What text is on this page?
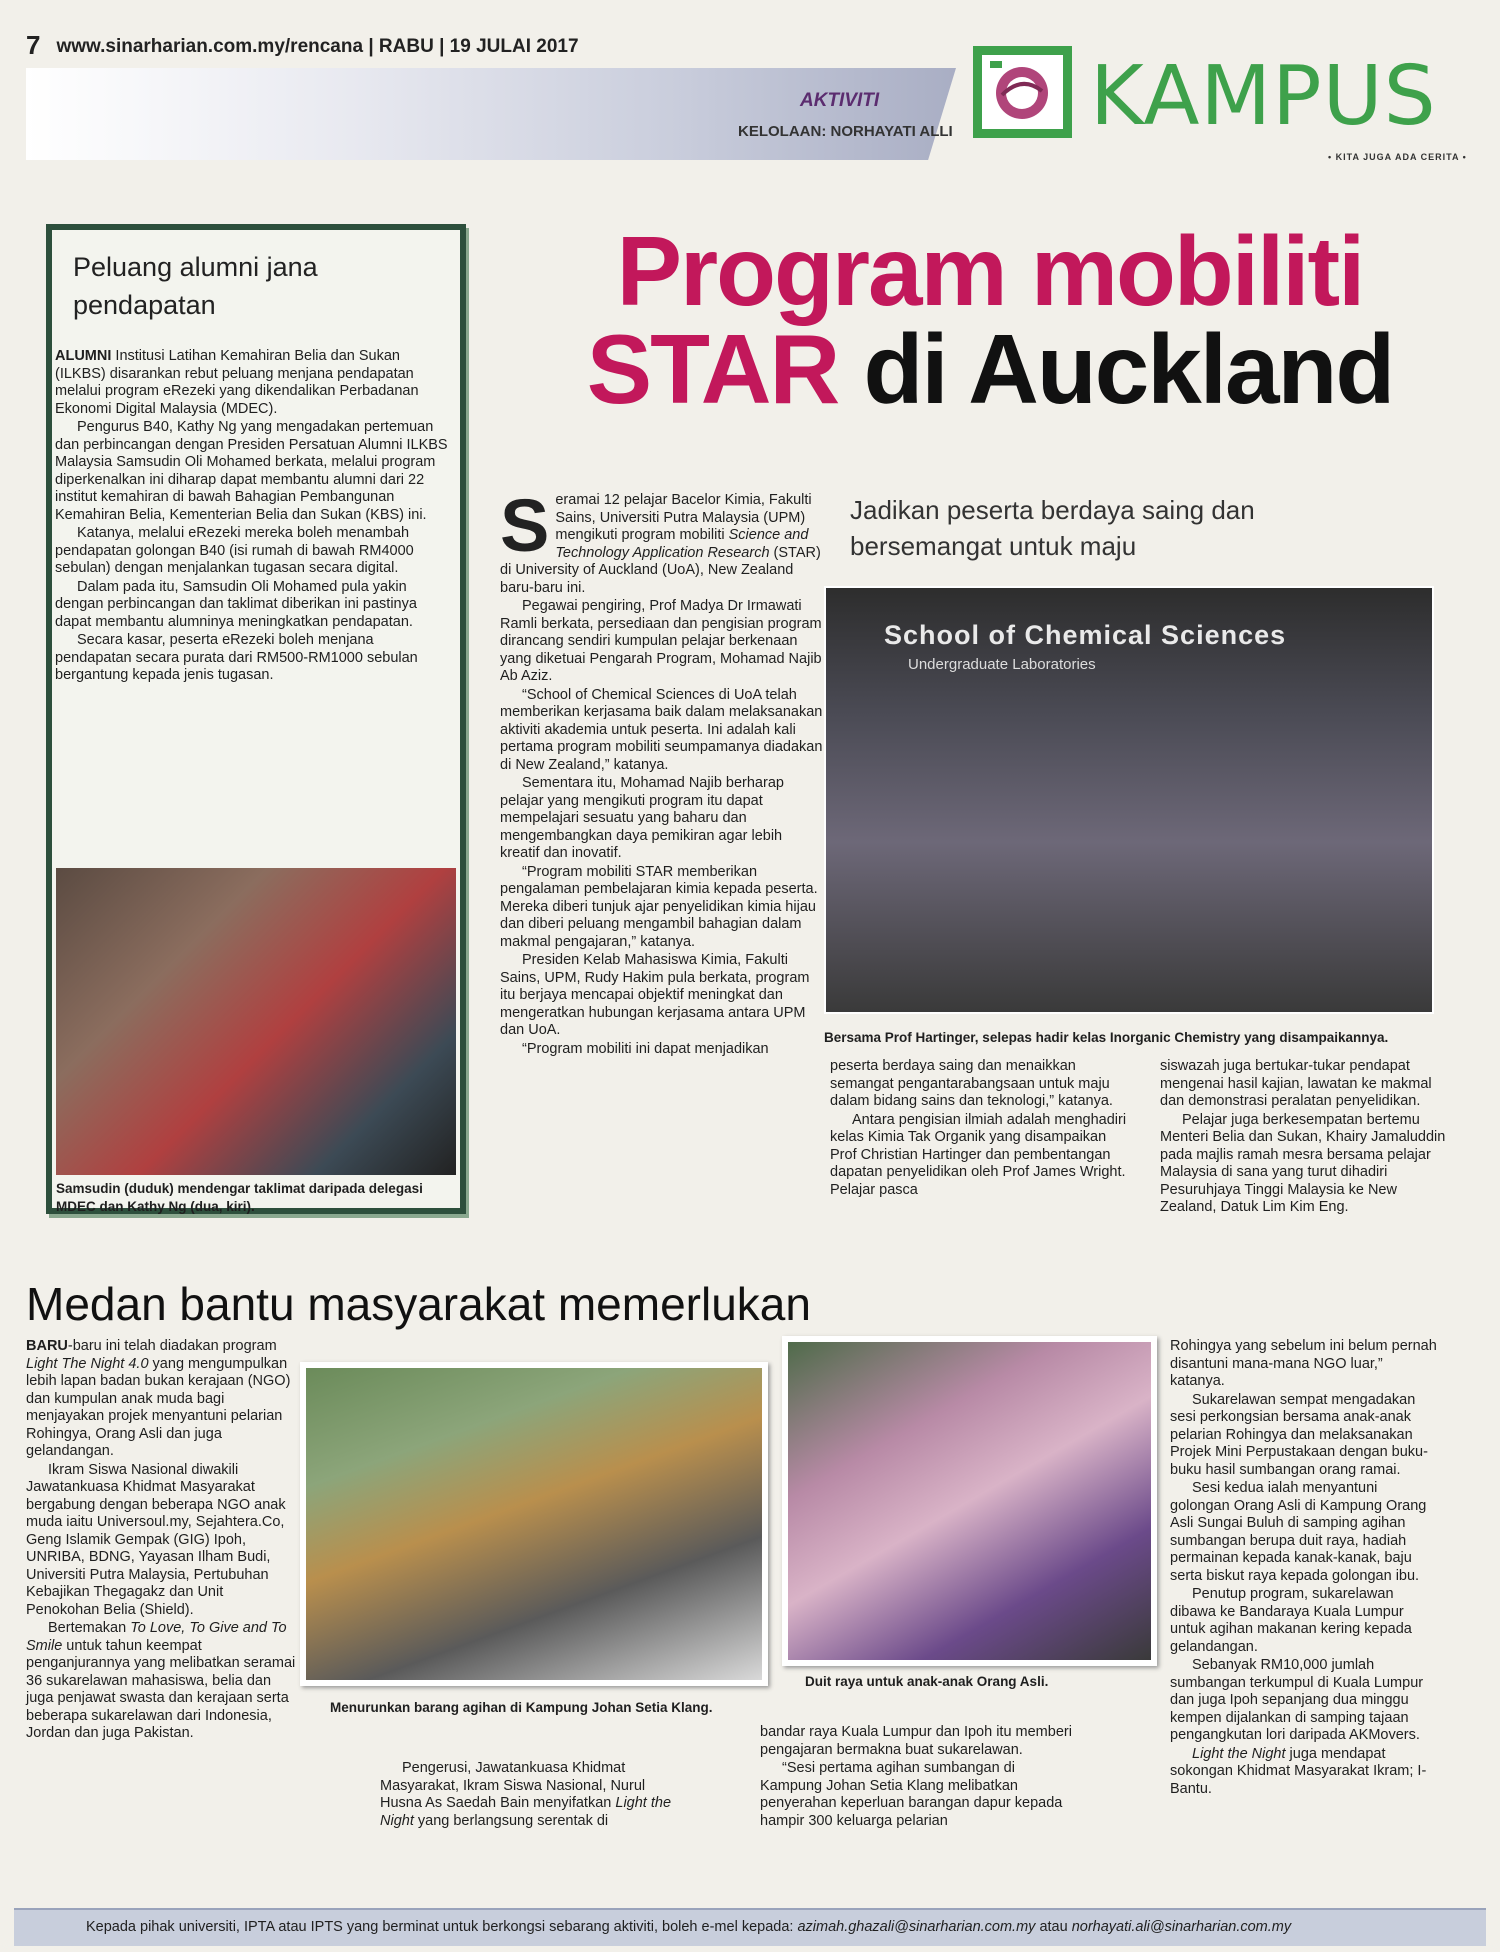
7 www.sinarharian.com.my/rencana | RABU | 19 JULAI 2017
AKTIVITI
KELOLAAN: NORHAYATI ALLI KAMPUS
• KITA JUGA ADA CERITA •
Peluang alumni jana pendapatan

ALUMNI Institusi Latihan Kemahiran Belia dan Sukan (ILKBS) disarankan rebut peluang menjana pendapatan melalui program eRezeki yang dikendalikan Perbadanan Ekonomi Digital Malaysia (MDEC).

Pengurus B40, Kathy Ng yang mengadakan pertemuan dan perbincangan dengan Presiden Persatuan Alumni ILKBS Malaysia Samsudin Oli Mohamed berkata, melalui program diperkenalkan ini diharap dapat membantu alumni dari 22 institut kemahiran di bawah Bahagian Pembangunan Kemahiran Belia, Kementerian Belia dan Sukan (KBS) ini.

Katanya, melalui eRezeki mereka boleh menambah pendapatan golongan B40 (isi rumah di bawah RM4000 sebulan) dengan menjalankan tugasan secara digital.

Dalam pada itu, Samsudin Oli Mohamed pula yakin dengan perbincangan dan taklimat diberikan ini pastinya dapat membantu alumninya meningkatkan pendapatan.

Secara kasar, peserta eRezeki boleh menjana pendapatan secara purata dari RM500-RM1000 sebulan bergantung kepada jenis tugasan.

Samsudin (duduk) mendengar taklimat daripada delegasi MDEC dan Kathy Ng (dua, kiri).
Program mobiliti
STAR di Auckland
Jadikan peserta berdaya saing dan bersemangat untuk maju

Seramai 12 pelajar Bacelor Kimia, Fakulti Sains, Universiti Putra Malaysia (UPM) mengikuti program mobiliti Science and Technology Application Research (STAR) di University of Auckland (UoA), New Zealand baru-baru ini.

Pegawai pengiring, Prof Madya Dr Irmawati Ramli berkata, persediaan dan pengisian program dirancang sendiri kumpulan pelajar berkenaan yang diketuai Pengarah Program, Mohamad Najib Ab Aziz.

“School of Chemical Sciences di UoA telah memberikan kerjasama baik dalam melaksanakan aktiviti akademia untuk peserta. Ini adalah kali pertama program mobiliti seumpamanya diadakan di New Zealand,” katanya.

Sementara itu, Mohamad Najib berharap pelajar yang mengikuti program itu dapat mempelajari sesuatu yang baharu dan mengembangkan daya pemikiran agar lebih kreatif dan inovatif.

“Program mobiliti STAR memberikan pengalaman pembelajaran kimia kepada peserta. Mereka diberi tunjuk ajar penyelidikan kimia hijau dan diberi peluang mengambil bahagian dalam makmal pengajaran,” katanya.

Presiden Kelab Mahasiswa Kimia, Fakulti Sains, UPM, Rudy Hakim pula berkata, program itu berjaya mencapai objektif meningkat dan mengeratkan hubungan kerjasama antara UPM dan UoA.

“Program mobiliti ini dapat menjadikan

School of Chemical Sciences
Undergraduate Laboratories
Bersama Prof Hartinger, selepas hadir kelas Inorganic Chemistry yang disampaikannya.

peserta berdaya saing dan menaikkan semangat pengantarabangsaan untuk maju dalam bidang sains dan teknologi,” katanya.

Antara pengisian ilmiah adalah menghadiri kelas Kimia Tak Organik yang disampaikan Prof Christian Hartinger dan pembentangan dapatan penyelidikan oleh Prof James Wright. Pelajar pasca

siswazah juga bertukar-tukar pendapat mengenai hasil kajian, lawatan ke makmal dan demonstrasi peralatan penyelidikan.

Pelajar juga berkesempatan bertemu Menteri Belia dan Sukan, Khairy Jamaluddin pada majlis ramah mesra bersama pelajar Malaysia di sana yang turut dihadiri Pesuruhjaya Tinggi Malaysia ke New Zealand, Datuk Lim Kim Eng.

Medan bantu masyarakat memerlukan

BARU-baru ini telah diadakan program Light The Night 4.0 yang mengumpulkan lebih lapan badan bukan kerajaan (NGO) dan kumpulan anak muda bagi menjayakan projek menyantuni pelarian Rohingya, Orang Asli dan juga gelandangan.

Ikram Siswa Nasional diwakili Jawatankuasa Khidmat Masyarakat bergabung dengan beberapa NGO anak muda iaitu Universoul.my, Sejahtera.Co, Geng Islamik Gempak (GIG) Ipoh, UNRIBA, BDNG, Yayasan Ilham Budi, Universiti Putra Malaysia, Pertubuhan Kebajikan Thegagakz dan Unit Penokohan Belia (Shield).

Bertemakan To Love, To Give and To Smile untuk tahun keempat penganjurannya yang melibatkan seramai 36 sukarelawan mahasiswa, belia dan juga penjawat swasta dan kerajaan serta beberapa sukarelawan dari Indonesia, Jordan dan juga Pakistan.

Menurunkan barang agihan di Kampung Johan Setia Klang.
Duit raya untuk anak-anak Orang Asli.

Pengerusi, Jawatankuasa Khidmat Masyarakat, Ikram Siswa Nasional, Nurul Husna As Saedah Bain menyifatkan Light the Night yang berlangsung serentak di

bandar raya Kuala Lumpur dan Ipoh itu memberi pengajaran bermakna buat sukarelawan.

“Sesi pertama agihan sumbangan di Kampung Johan Setia Klang melibatkan penyerahan keperluan barangan dapur kepada hampir 300 keluarga pelarian

Rohingya yang sebelum ini belum pernah disantuni mana-mana NGO luar,” katanya.

Sukarelawan sempat mengadakan sesi perkongsian bersama anak-anak pelarian Rohingya dan melaksanakan Projek Mini Perpustakaan dengan buku-buku hasil sumbangan orang ramai.

Sesi kedua ialah menyantuni golongan Orang Asli di Kampung Orang Asli Sungai Buluh di samping agihan sumbangan berupa duit raya, hadiah permainan kepada kanak-kanak, baju serta biskut raya kepada golongan ibu.

Penutup program, sukarelawan dibawa ke Bandaraya Kuala Lumpur untuk agihan makanan kering kepada gelandangan.

Sebanyak RM10,000 jumlah sumbangan terkumpul di Kuala Lumpur dan juga Ipoh sepanjang dua minggu kempen dijalankan di samping tajaan pengangkutan lori daripada AKMovers.

Light the Night juga mendapat sokongan Khidmat Masyarakat Ikram; I-Bantu.

Kepada pihak universiti, IPTA atau IPTS yang berminat untuk berkongsi sebarang aktiviti, boleh e-mel kepada: azimah.ghazali@sinarharian.com.my atau norhayati.ali@sinarharian.com.my
